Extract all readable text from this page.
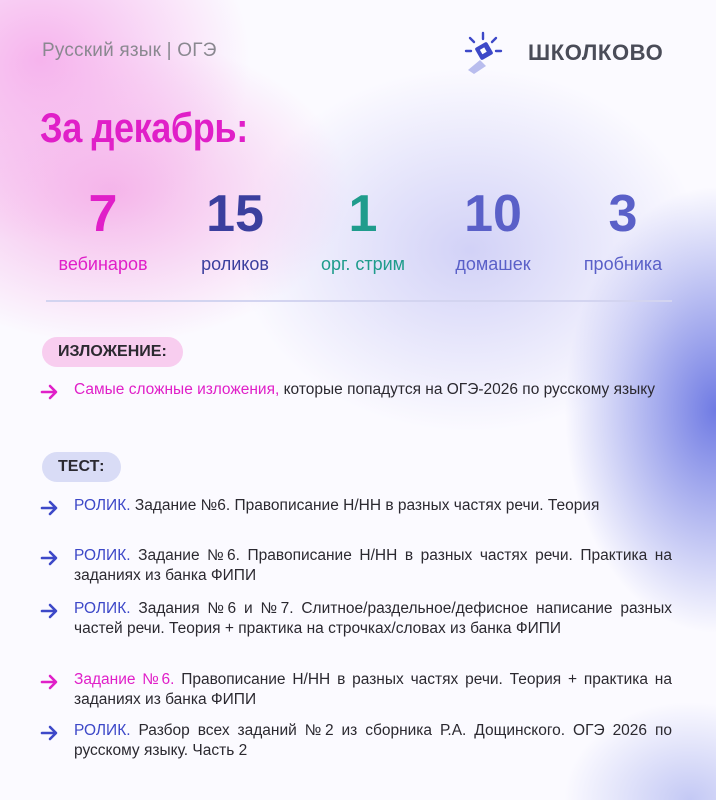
Русский язык | ОГЭ	ШКОЛКОВО
За декабрь:
7
вебинаров
15
роликов
1
орг. стрим
10
домашек
3
пробника
ИЗЛОЖЕНИЕ:
Самые сложные изложения, которые попадутся на ОГЭ-2026 по русскому языку
ТЕСТ:
РОЛИК. Задание №6. Правописание Н/НН в разных частях речи. Теория
РОЛИК. Задание №6. Правописание Н/НН в разных частях речи. Практика на заданиях из банка ФИПИ
РОЛИК. Задания №6 и №7. Слитное/раздельное/дефисное написание разных частей речи. Теория + практика на строчках/словах из банка ФИПИ
Задание №6. Правописание Н/НН в разных частях речи. Теория + практика на заданиях из банка ФИПИ
РОЛИК. Разбор всех заданий №2 из сборника Р.А. Дощинского. ОГЭ 2026 по русскому языку. Часть 2
